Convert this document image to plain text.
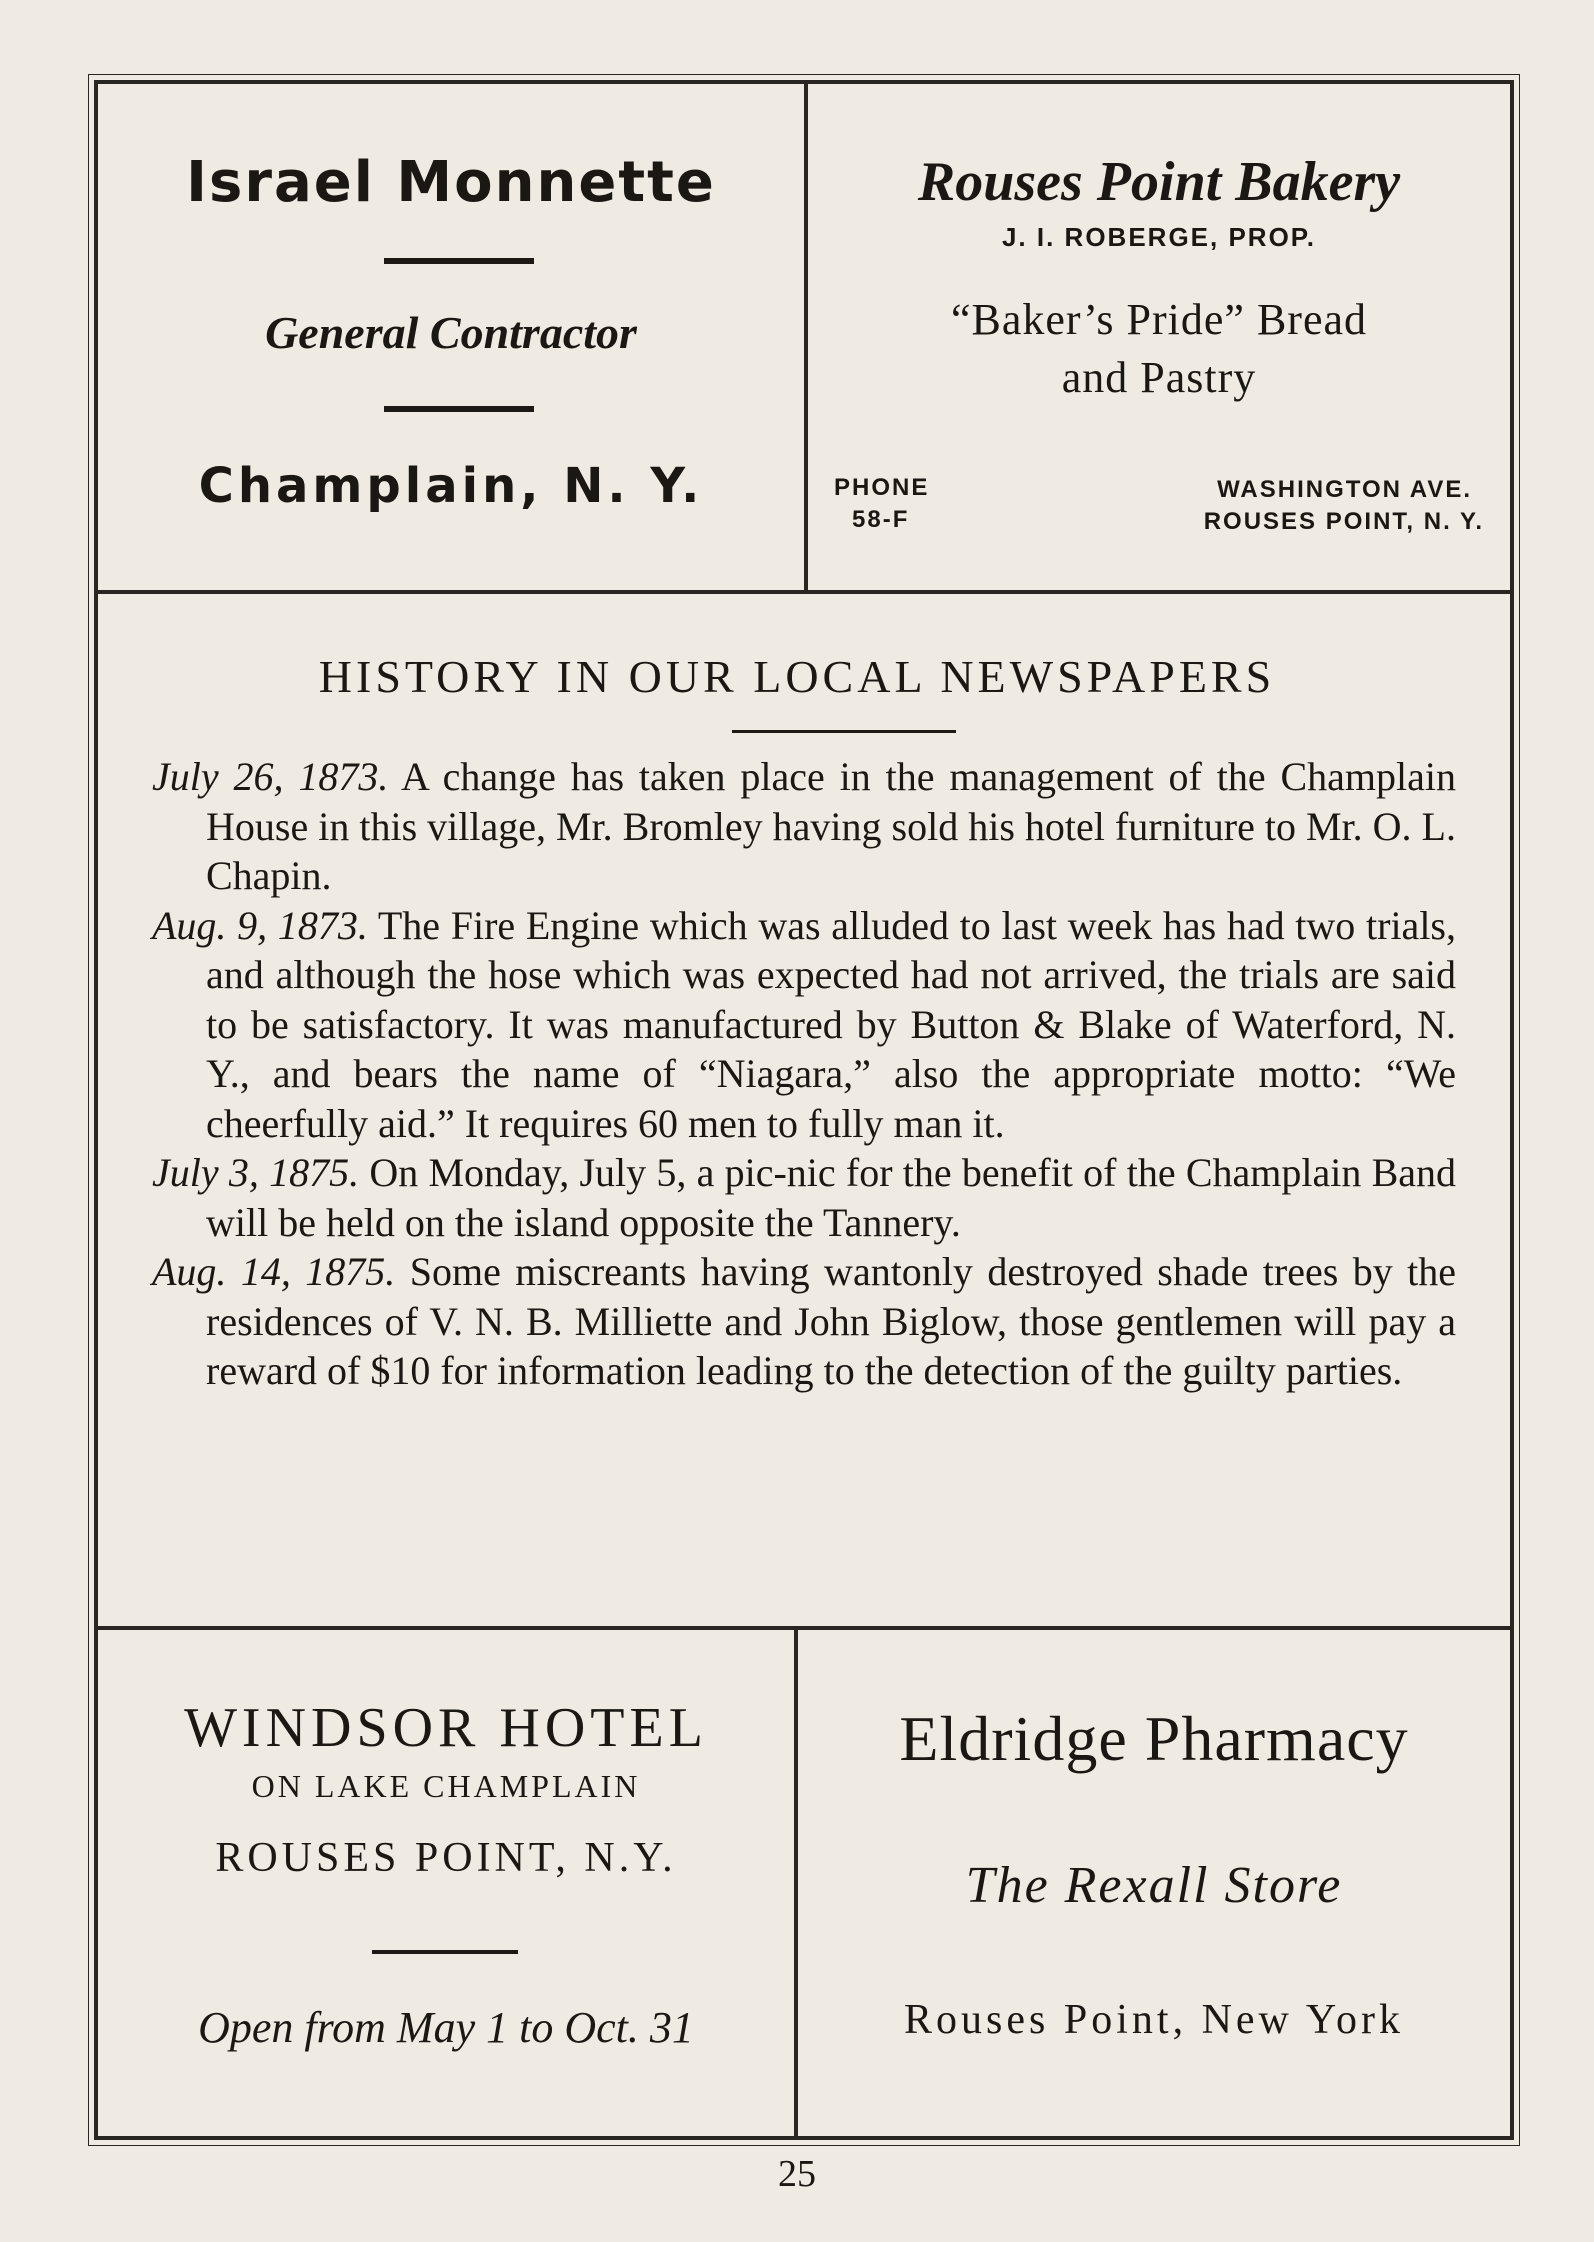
Israel Monnette
General Contractor
Champlain, N. Y.
Rouses Point Bakery
J. I. ROBERGE, PROP.
“Baker’s Pride” Bread
and Pastry
PHONE
58-F
WASHINGTON AVE.
ROUSES POINT, N. Y.
HISTORY IN OUR LOCAL NEWSPAPERS
July 26, 1873. A change has taken place in the management of the Champlain House in this village, Mr. Bromley having sold his hotel furniture to Mr. O. L. Chapin.
Aug. 9, 1873. The Fire Engine which was alluded to last week has had two trials, and although the hose which was expected had not arrived, the trials are said to be satisfactory. It was manufactured by Button & Blake of Waterford, N. Y., and bears the name of “Niagara,” also the appropriate motto: “We cheerfully aid.” It requires 60 men to fully man it.
July 3, 1875. On Monday, July 5, a pic-nic for the benefit of the Champlain Band will be held on the island opposite the Tannery.
Aug. 14, 1875. Some miscreants having wantonly destroyed shade trees by the residences of V. N. B. Milliette and John Biglow, those gentlemen will pay a reward of $10 for information leading to the detection of the guilty parties.
WINDSOR HOTEL
ON LAKE CHAMPLAIN
ROUSES POINT, N.Y.
Open from May 1 to Oct. 31
Eldridge Pharmacy
The Rexall Store
Rouses Point, New York
25
